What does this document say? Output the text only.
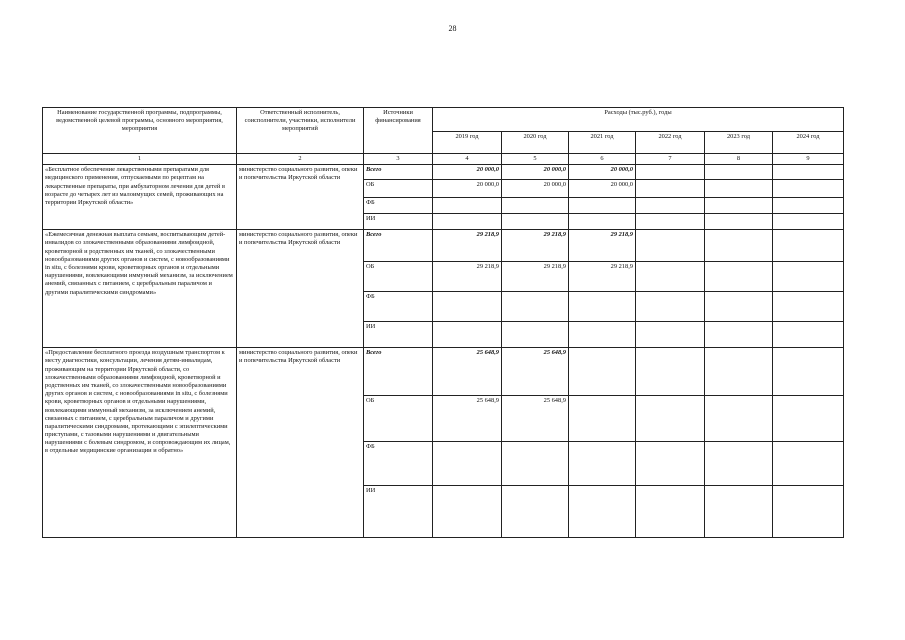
28
Наименование государственной программы, подпрограммы, ведомственной целевой программы, основного мероприятия, мероприятия	Ответственный исполнитель, соисполнители, участники, исполнители мероприятий	Источники финансирования	Расходы (тыс.руб.), годы					
			2019 год	2020 год	2021 год	2022 год	2023 год	2024 год
1	2	3	4	5	6	7	8	9
«Бесплатное обеспечение лекарственными препаратами для медицинского применения, отпускаемыми по рецептам на лекарственные препараты, при амбулаторном лечении для детей в возрасте до четырех лет из малоимущих семей, проживающих на территории Иркутской области»	министерство социального развития, опеки и попечительства Иркутской области	Всего	20 000,0	20 000,0	20 000,0			
		ОБ	20 000,0	20 000,0	20 000,0			
		ФБ						
		ИИ						
«Ежемесячная денежная выплата семьям, воспитывающим детей-инвалидов со злокачественными образованиями лимфоидной, кроветворной и родственных им тканей, со злокачественными новообразованиями других органов и систем, с новообразованиями in situ, с болезнями крови, кроветворных органов и отдельными нарушениями, вовлекающими иммунный механизм, за исключением анемий, связанных с питанием, с церебральным параличом и другими паралитическими синдромами»	министерство социального развития, опеки и попечительства Иркутской области	Всего	29 218,9	29 218,9	29 218,9			
		ОБ	29 218,9	29 218,9	29 218,9			
		ФБ						
		ИИ						
«Предоставление бесплатного проезда воздушным транспортом к месту диагностики, консультации, лечения детям-инвалидам, проживающим на территории Иркутской области, со злокачественными образованиями лимфоидной, кроветворной и родственных им тканей, со злокачественными новообразованиями других органов и систем, с новообразованиями in situ, с болезнями крови, кроветворных органов и отдельными нарушениями, вовлекающими иммунный механизм, за исключением анемий, связанных с питанием, с церебральным параличом и другими паралитическими синдромами, протекающими с эпилептическими приступами, с тазовыми нарушениями и двигательными нарушениями с болевым синдромом, и сопровождающим их лицам, в отдельные медицинские организации и обратно»	министерство социального развития, опеки и попечительства Иркутской области	Всего	25 648,9	25 648,9				
		ОБ	25 648,9	25 648,9				
		ФБ						
		ИИ						
